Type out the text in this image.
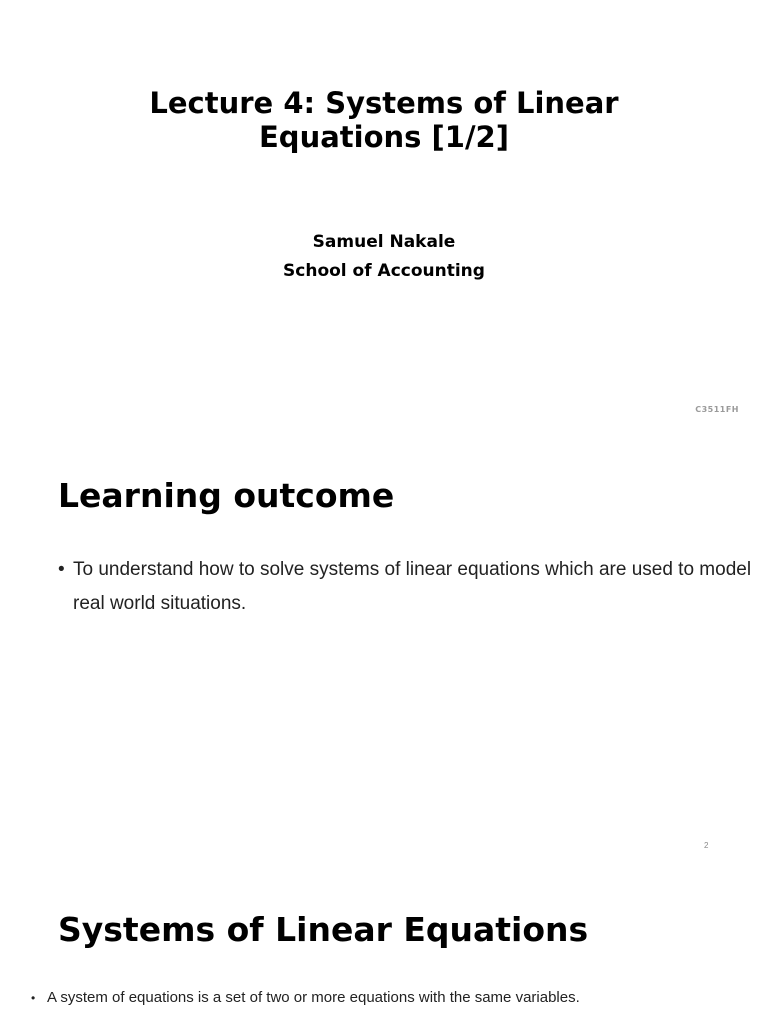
Lecture 4: Systems of Linear
Equations [1/2]
Samuel Nakale
School of Accounting
C3511FH
Learning outcome
• To understand how to solve systems of linear equations which are used to model real world situations.
2
Systems of Linear Equations
• A system of equations is a set of two or more equations with the same variables.
